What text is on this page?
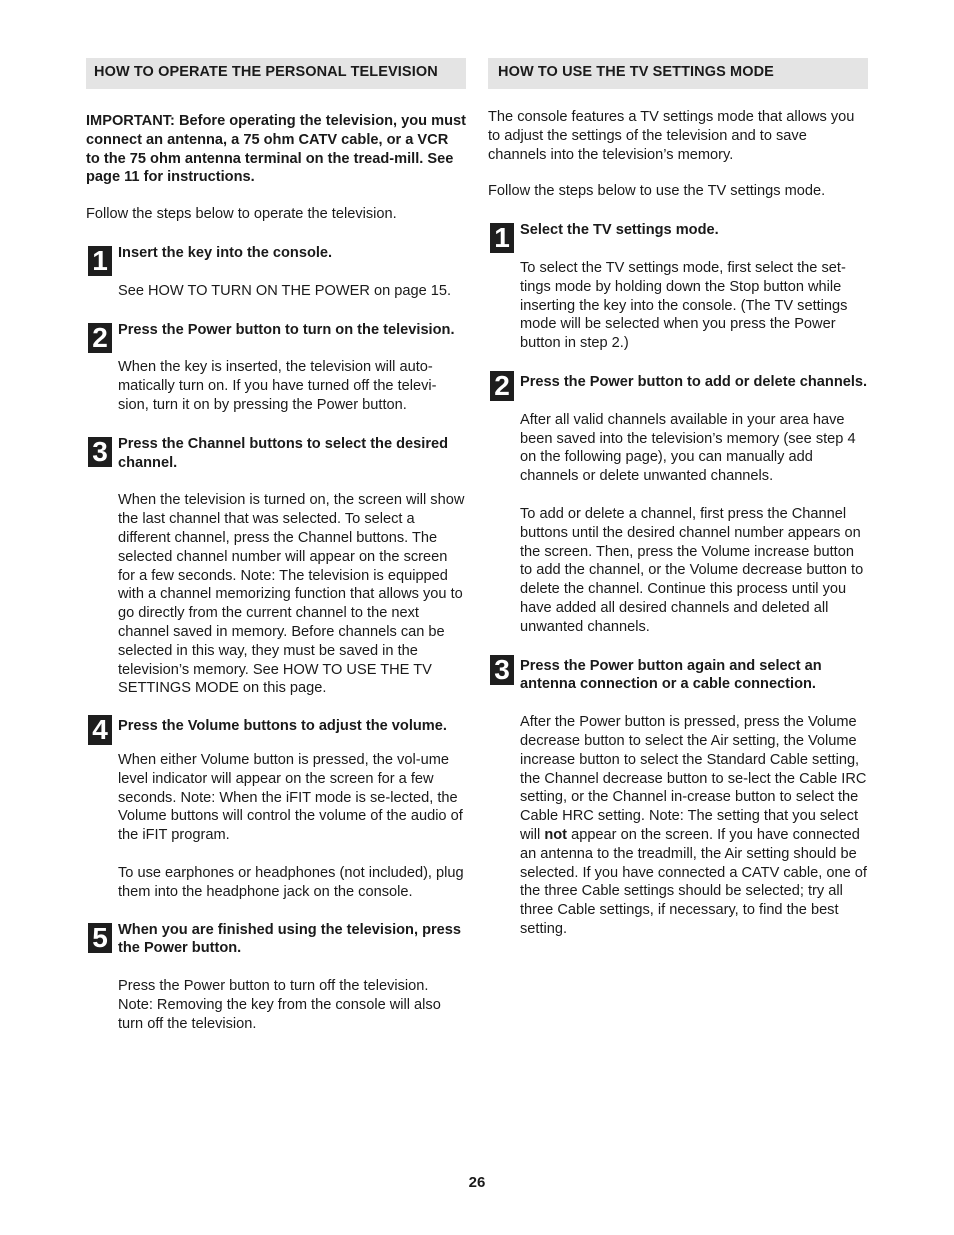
HOW TO OPERATE THE PERSONAL TELEVISION

IMPORTANT: Before operating the television, you must connect an antenna, a 75 ohm CATV cable, or a VCR to the 75 ohm antenna terminal on the tread-mill. See page 11 for instructions.

Follow the steps below to operate the television.

1 Insert the key into the console.

See HOW TO TURN ON THE POWER on page 15.

2 Press the Power button to turn on the television.

When the key is inserted, the television will auto-matically turn on. If you have turned off the televi-sion, turn it on by pressing the Power button.

3 Press the Channel buttons to select the desired channel.

When the television is turned on, the screen will show the last channel that was selected. To select a different channel, press the Channel buttons. The selected channel number will appear on the screen for a few seconds. Note: The television is equipped with a channel memorizing function that allows you to go directly from the current channel to the next channel saved in memory. Before channels can be selected in this way, they must be saved in the television’s memory. See HOW TO USE THE TV SETTINGS MODE on this page.

4 Press the Volume buttons to adjust the volume.

When either Volume button is pressed, the vol-ume level indicator will appear on the screen for a few seconds. Note: When the iFIT mode is se-lected, the Volume buttons will control the volume of the audio of the iFIT program.

To use earphones or headphones (not included), plug them into the headphone jack on the console.

5 When you are finished using the television, press the Power button.

Press the Power button to turn off the television. Note: Removing the key from the console will also turn off the television.

HOW TO USE THE TV SETTINGS MODE

The console features a TV settings mode that allows you to adjust the settings of the television and to save channels into the television’s memory.

Follow the steps below to use the TV settings mode.

1 Select the TV settings mode.

To select the TV settings mode, first select the set-tings mode by holding down the Stop button while inserting the key into the console. (The TV settings mode will be selected when you press the Power button in step 2.)

2 Press the Power button to add or delete channels.

After all valid channels available in your area have been saved into the television’s memory (see step 4 on the following page), you can manually add channels or delete unwanted channels.

To add or delete a channel, first press the Channel buttons until the desired channel number appears on the screen. Then, press the Volume increase button to add the channel, or the Volume decrease button to delete the channel. Continue this process until you have added all desired channels and deleted all unwanted channels.

3 Press the Power button again and select an antenna connection or a cable connection.

After the Power button is pressed, press the Volume decrease button to select the Air setting, the Volume increase button to select the Standard Cable setting, the Channel decrease button to se-lect the Cable IRC setting, or the Channel in-crease button to select the Cable HRC setting. Note: The setting that you select will not appear on the screen. If you have connected an antenna to the treadmill, the Air setting should be selected. If you have connected a CATV cable, one of the three Cable settings should be selected; try all three Cable settings, if necessary, to find the best setting.

26
